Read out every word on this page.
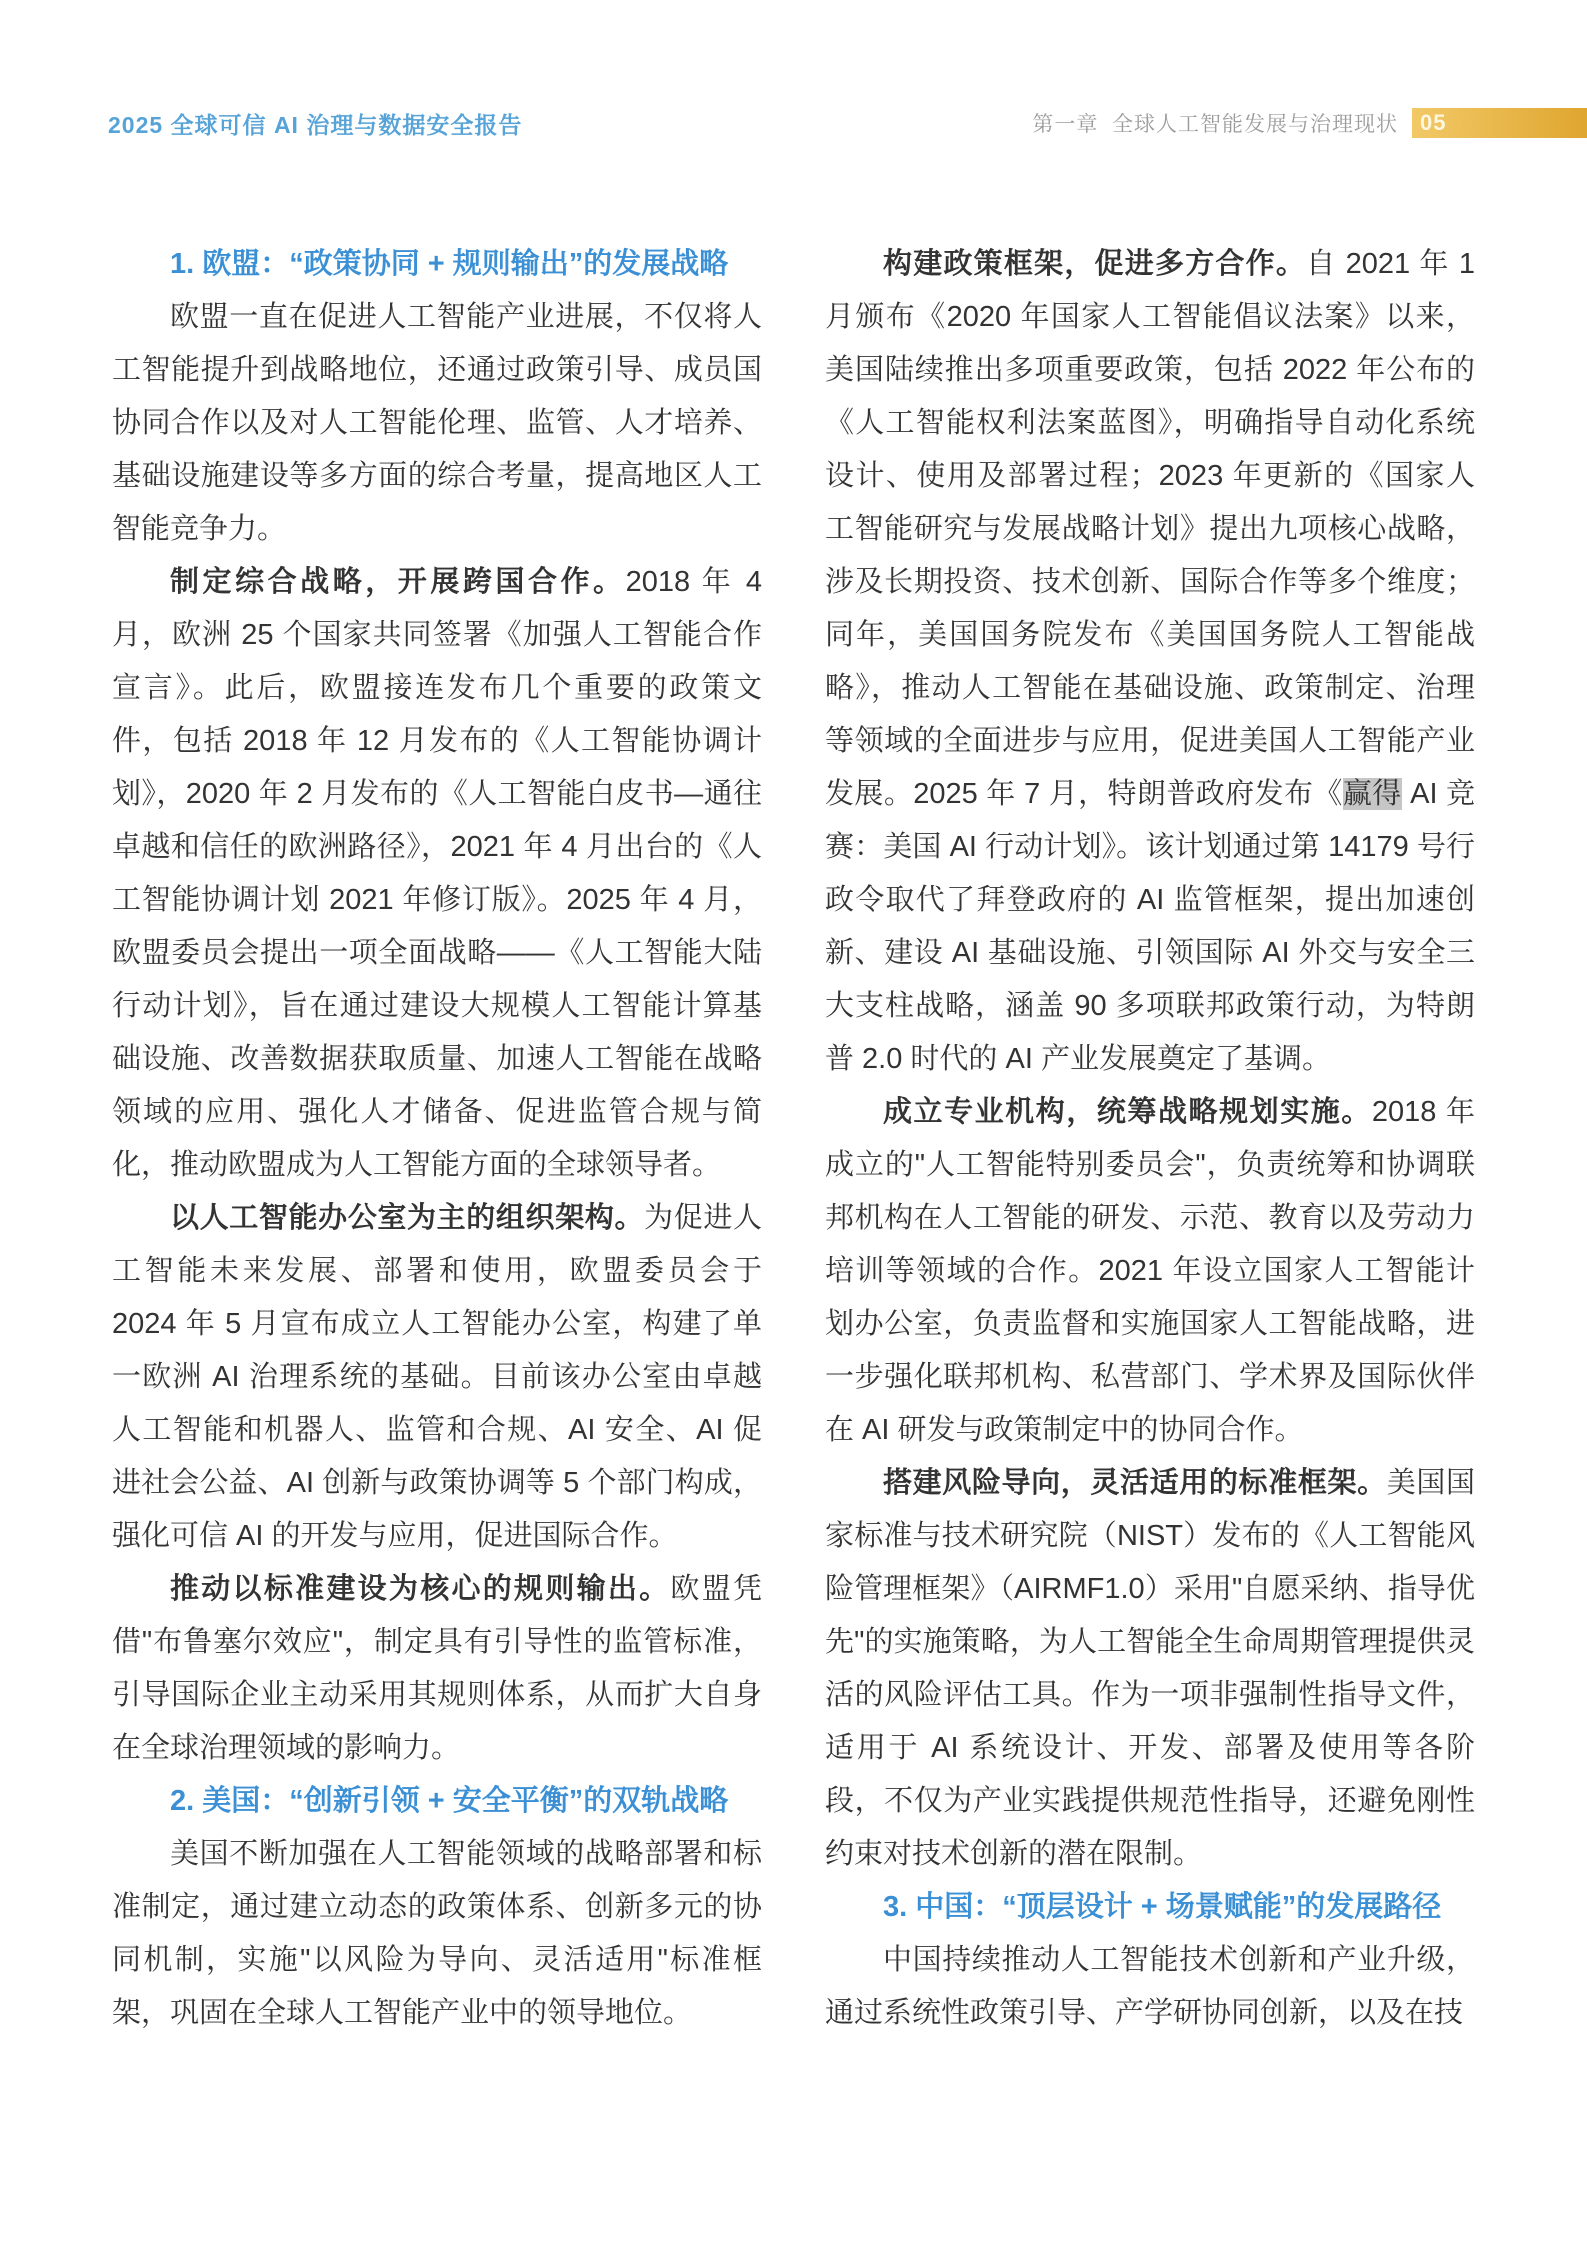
2025 全球可信 AI 治理与数据安全报告	第一章  全球人工智能发展与治理现状	05
1. 欧盟：“政策协同 + 规则输出”的发展战略

欧盟一直在促进人工智能产业进展，不仅将人工智能提升到战略地位，还通过政策引导、成员国协同合作以及对人工智能伦理、监管、人才培养、基础设施建设等多方面的综合考量，提高地区人工智能竞争力。

制定综合战略，开展跨国合作。2018 年 4 月，欧洲 25 个国家共同签署《加强人工智能合作宣言》。此后，欧盟接连发布几个重要的政策文件，包括 2018 年 12 月发布的《人工智能协调计划》，2020 年 2 月发布的《人工智能白皮书—通往卓越和信任的欧洲路径》，2021 年 4 月出台的《人工智能协调计划 2021 年修订版》。2025 年 4 月，欧盟委员会提出一项全面战略——《人工智能大陆行动计划》，旨在通过建设大规模人工智能计算基础设施、改善数据获取质量、加速人工智能在战略领域的应用、强化人才储备、促进监管合规与简化，推动欧盟成为人工智能方面的全球领导者。

以人工智能办公室为主的组织架构。为促进人工智能未来发展、部署和使用，欧盟委员会于 2024 年 5 月宣布成立人工智能办公室，构建了单一欧洲 AI 治理系统的基础。目前该办公室由卓越人工智能和机器人、监管和合规、AI 安全、AI 促进社会公益、AI 创新与政策协调等 5 个部门构成，强化可信 AI 的开发与应用，促进国际合作。

推动以标准建设为核心的规则输出。欧盟凭借"布鲁塞尔效应"，制定具有引导性的监管标准，引导国际企业主动采用其规则体系，从而扩大自身在全球治理领域的影响力。

2. 美国：“创新引领 + 安全平衡”的双轨战略

美国不断加强在人工智能领域的战略部署和标准制定，通过建立动态的政策体系、创新多元的协同机制，实施"以风险为导向、灵活适用"标准框架，巩固在全球人工智能产业中的领导地位。

构建政策框架，促进多方合作。自 2021 年 1 月颁布《2020 年国家人工智能倡议法案》以来，美国陆续推出多项重要政策，包括 2022 年公布的《人工智能权利法案蓝图》，明确指导自动化系统设计、使用及部署过程；2023 年更新的《国家人工智能研究与发展战略计划》提出九项核心战略，涉及长期投资、技术创新、国际合作等多个维度；同年，美国国务院发布《美国国务院人工智能战略》，推动人工智能在基础设施、政策制定、治理等领域的全面进步与应用，促进美国人工智能产业发展。2025 年 7 月，特朗普政府发布《赢得 AI 竞赛：美国 AI 行动计划》。该计划通过第 14179 号行政令取代了拜登政府的 AI 监管框架，提出加速创新、建设 AI 基础设施、引领国际 AI 外交与安全三大支柱战略，涵盖 90 多项联邦政策行动，为特朗普 2.0 时代的 AI 产业发展奠定了基调。

成立专业机构，统筹战略规划实施。2018 年成立的"人工智能特别委员会"，负责统筹和协调联邦机构在人工智能的研发、示范、教育以及劳动力培训等领域的合作。2021 年设立国家人工智能计划办公室，负责监督和实施国家人工智能战略，进一步强化联邦机构、私营部门、学术界及国际伙伴在 AI 研发与政策制定中的协同合作。

搭建风险导向，灵活适用的标准框架。美国国家标准与技术研究院（NIST）发布的《人工智能风险管理框架》（AIRMF1.0）采用"自愿采纳、指导优先"的实施策略，为人工智能全生命周期管理提供灵活的风险评估工具。作为一项非强制性指导文件，适用于 AI 系统设计、开发、部署及使用等各阶段，不仅为产业实践提供规范性指导，还避免刚性约束对技术创新的潜在限制。

3. 中国：“顶层设计 + 场景赋能”的发展路径

中国持续推动人工智能技术创新和产业升级，通过系统性政策引导、产学研协同创新，以及在技
